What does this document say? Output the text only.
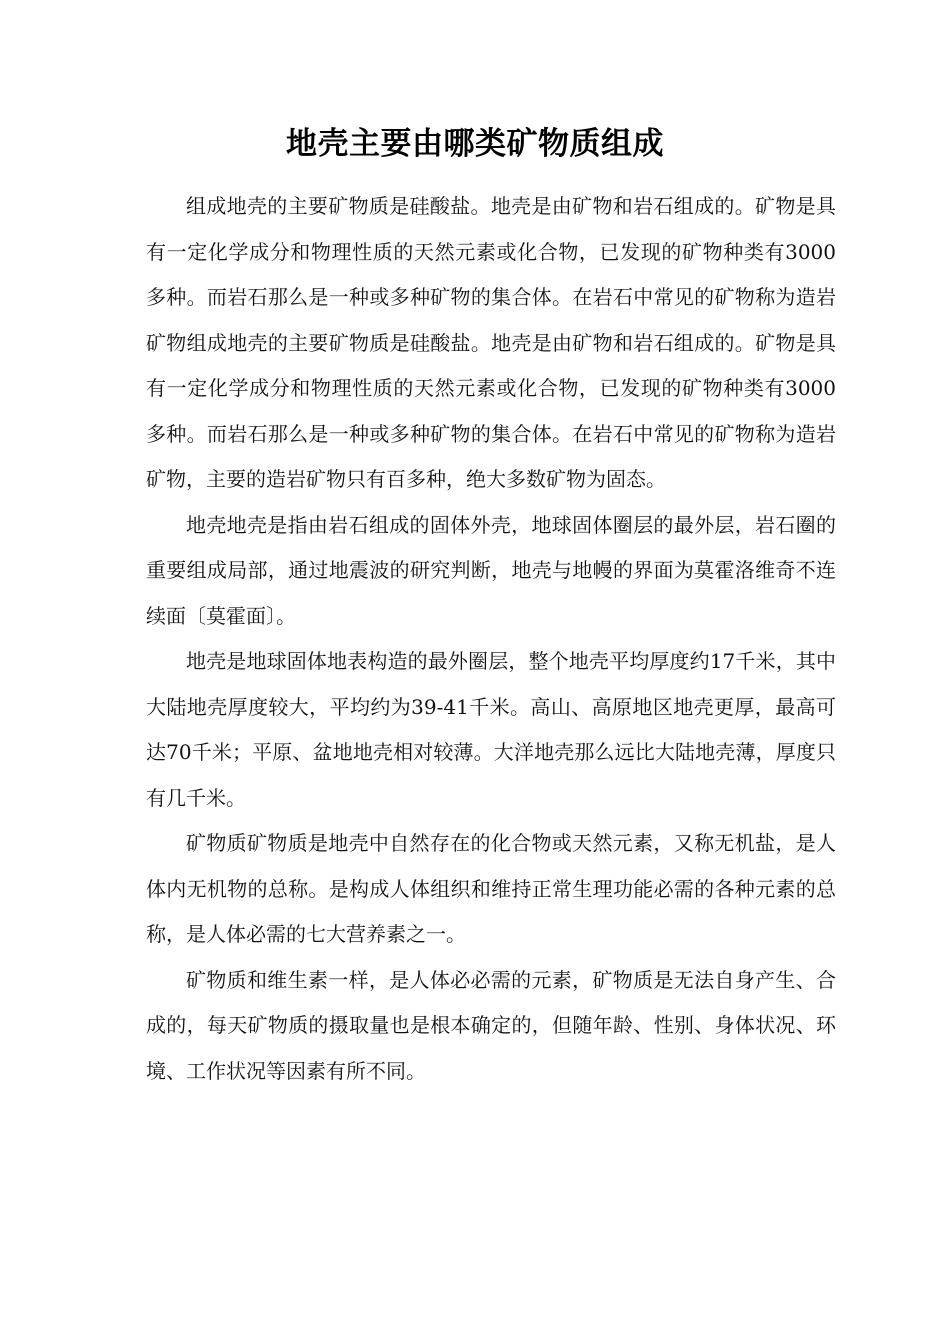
地壳主要由哪类矿物质组成

组成地壳的主要矿物质是硅酸盐。地壳是由矿物和岩石组成的。矿物是具有一定化学成分和物理性质的天然元素或化合物，已发现的矿物种类有3000多种。而岩石那么是一种或多种矿物的集合体。在岩石中常见的矿物称为造岩矿物组成地壳的主要矿物质是硅酸盐。地壳是由矿物和岩石组成的。矿物是具有一定化学成分和物理性质的天然元素或化合物，已发现的矿物种类有3000多种。而岩石那么是一种或多种矿物的集合体。在岩石中常见的矿物称为造岩矿物，主要的造岩矿物只有百多种，绝大多数矿物为固态。

地壳地壳是指由岩石组成的固体外壳，地球固体圈层的最外层，岩石圈的重要组成局部，通过地震波的研究判断，地壳与地幔的界面为莫霍洛维奇不连续面〔莫霍面〕。

地壳是地球固体地表构造的最外圈层，整个地壳平均厚度约17千米，其中大陆地壳厚度较大，平均约为39-41千米。高山、高原地区地壳更厚，最高可达70千米；平原、盆地地壳相对较薄。大洋地壳那么远比大陆地壳薄，厚度只有几千米。

矿物质矿物质是地壳中自然存在的化合物或天然元素，又称无机盐，是人体内无机物的总称。是构成人体组织和维持正常生理功能必需的各种元素的总称，是人体必需的七大营养素之一。

矿物质和维生素一样，是人体必必需的元素，矿物质是无法自身产生、合成的，每天矿物质的摄取量也是根本确定的，但随年龄、性别、身体状况、环境、工作状况等因素有所不同。
